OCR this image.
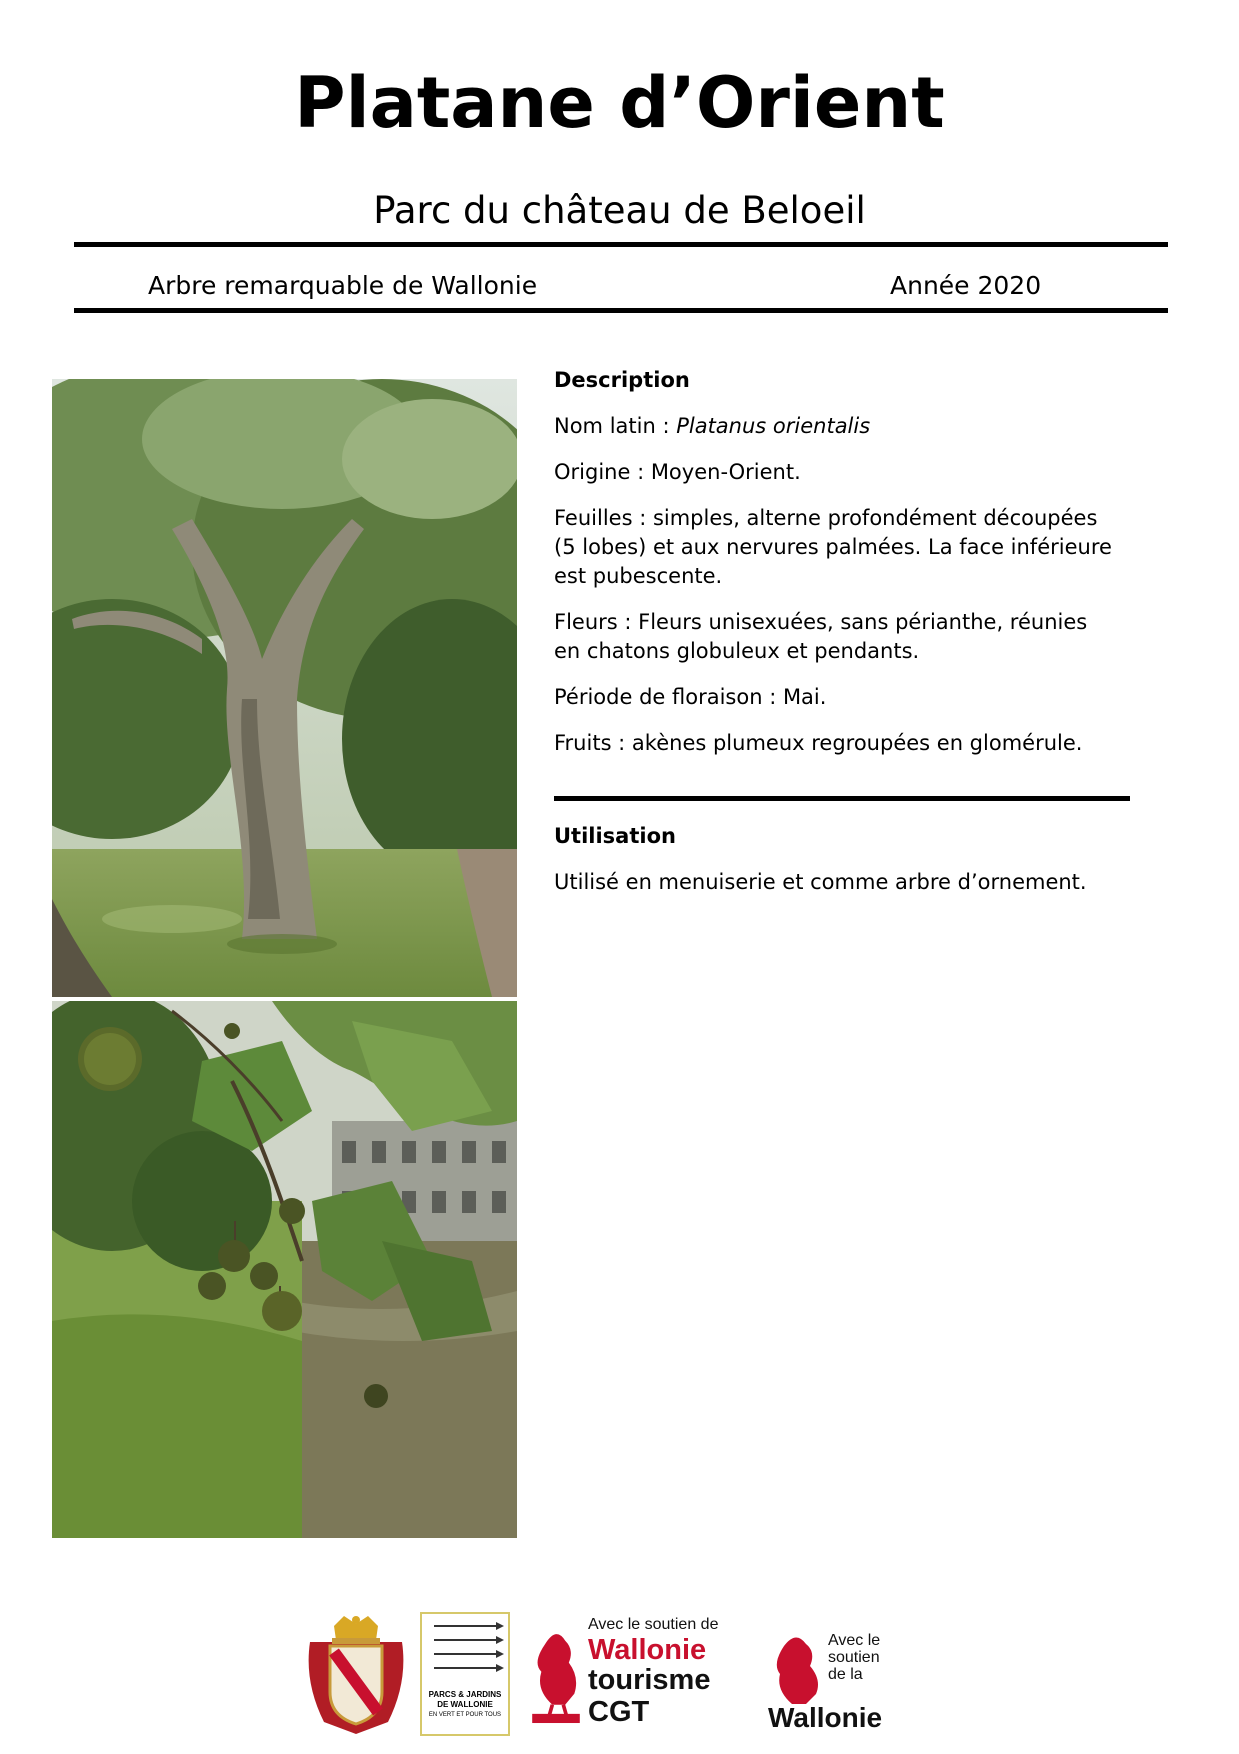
Platane d’Orient
Parc du château de Beloeil
Arbre remarquable de Wallonie	Année 2020
Description

Nom latin : Platanus orientalis

Origine : Moyen-Orient.

Feuilles : simples, alterne profondément découpées (5 lobes) et aux nervures palmées. La face inférieure est pubescente.

Fleurs : Fleurs unisexuées, sans périanthe, réunies en chatons globuleux et pendants.

Période de floraison : Mai.

Fruits : akènes plumeux regroupées en glomérule.

Utilisation

Utilisé en menuiserie et comme arbre d’ornement.

PARCS & JARDINS
DE WALLONIE
EN VERT ET POUR TOUS
Avec le soutien de
Wallonie
tourisme
CGT
Avec le
soutien
de la
Wallonie
